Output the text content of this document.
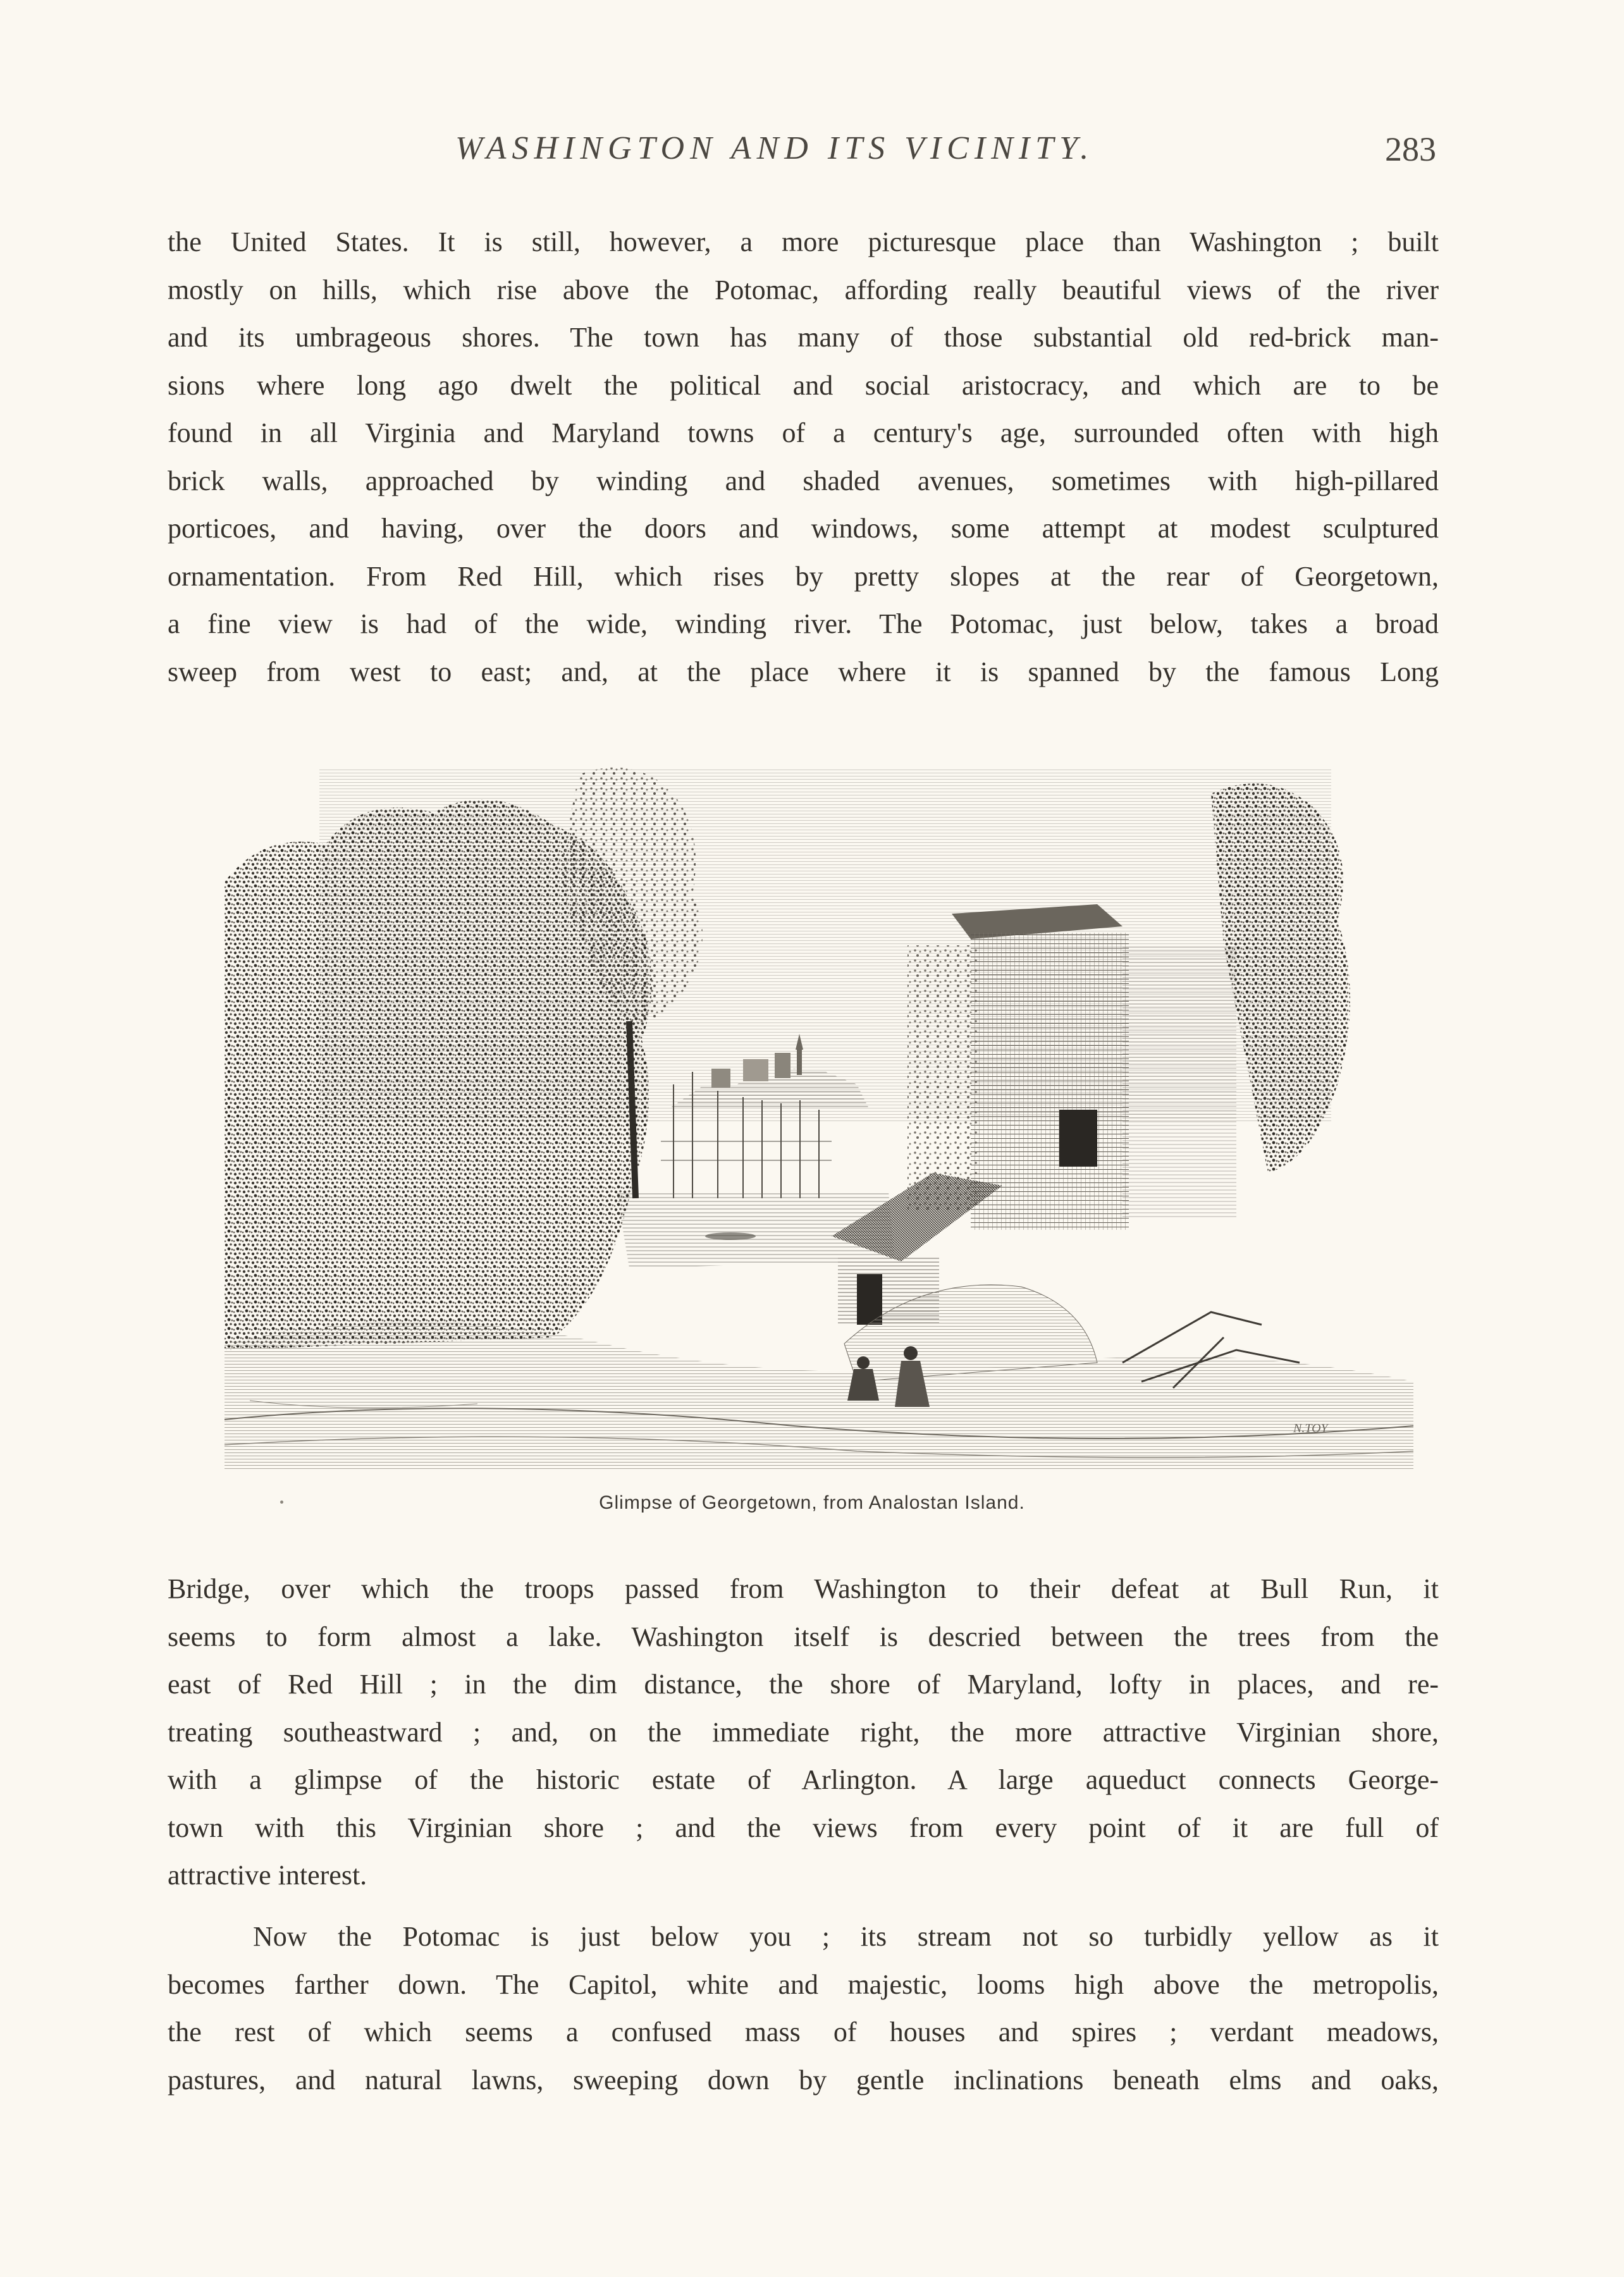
WASHINGTON AND ITS VICINITY.	283
the United States. It is still, however, a more picturesque place than Washington ; built
mostly on hills, which rise above the Potomac, affording really beautiful views of the river
and its umbrageous shores. The town has many of those substantial old red-brick man-
sions where long ago dwelt the political and social aristocracy, and which are to be
found in all Virginia and Maryland towns of a century's age, surrounded often with high
brick walls, approached by winding and shaded avenues, sometimes with high-pillared
porticoes, and having, over the doors and windows, some attempt at modest sculptured
ornamentation. From Red Hill, which rises by pretty slopes at the rear of Georgetown,
a fine view is had of the wide, winding river. The Potomac, just below, takes a broad
sweep from west to east; and, at the place where it is spanned by the famous Long
N.TOY
Glimpse of Georgetown, from Analostan Island.
Bridge, over which the troops passed from Washington to their defeat at Bull Run, it
seems to form almost a lake. Washington itself is descried between the trees from the
east of Red Hill ; in the dim distance, the shore of Maryland, lofty in places, and re-
treating southeastward ; and, on the immediate right, the more attractive Virginian shore,
with a glimpse of the historic estate of Arlington. A large aqueduct connects George-
town with this Virginian shore ; and the views from every point of it are full of
attractive interest.
Now the Potomac is just below you ; its stream not so turbidly yellow as it
becomes farther down. The Capitol, white and majestic, looms high above the metropolis,
the rest of which seems a confused mass of houses and spires ; verdant meadows,
pastures, and natural lawns, sweeping down by gentle inclinations beneath elms and oaks,
